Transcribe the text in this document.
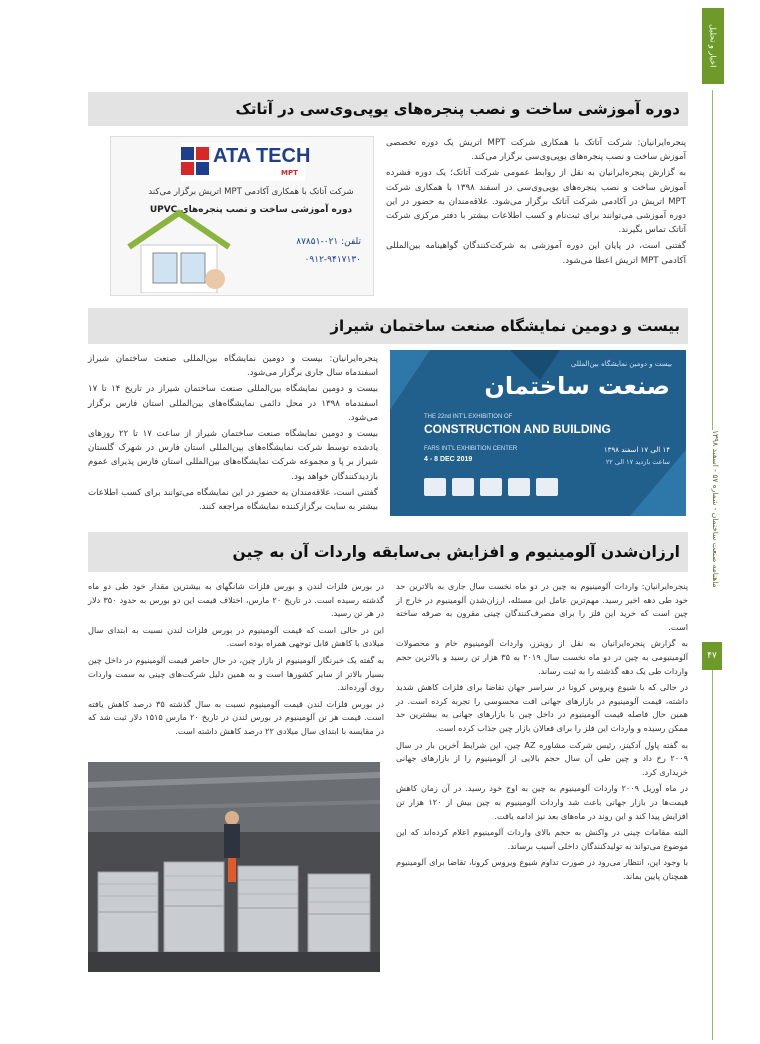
اخبار و تحلیل
ماهنامه صنعت ساختمان - شماره ۵۷ - اسفند ۱۳۹۸
۴۷
دوره آموزشی ساخت و نصب پنجره‌های یوپی‌وی‌سی در آتاتک

پنجره‌ایرانیان: شرکت آتاتک با همکاری شرکت MPT اتریش یک دوره تخصصی آموزش ساخت و نصب پنجره‌های یوپی‌وی‌سی برگزار می‌کند.

به گزارش پنجره‌ایرانیان به نقل از روابط عمومی شرکت آتاتک؛ یک دوره فشرده آموزش ساخت و نصب پنجره‌های یوپی‌وی‌سی در اسفند ۱۳۹۸ با همکاری شرکت MPT اتریش در آکادمی شرکت آتاتک برگزار می‌شود. علاقه‌مندان به حضور در این دوره آموزشی می‌توانند برای ثبت‌نام و کسب اطلاعات بیشتر با دفتر مرکزی شرکت آتاتک تماس بگیرند.

گفتنی است، در پایان این دوره آموزشی به شرکت‌کنندگان گواهینامه بین‌المللی آکادمی MPT اتریش اعطا می‌شود.

ATA TECH
MPT
شرکت آتاتک با همکاری آکادمی MPT اتریش برگزار می‌کند
دوره آموزشی ساخت و نصب پنجره‌های UPVC
تلفن: ۰۲۱-۸۷۸۵۱
۰۹۱۲-۹۴۱۷۱۳۰
بیست و دومین نمایشگاه صنعت ساختمان شیراز
بیست و دومین نمایشگاه بین‌المللی
صنعت ساختمان
THE 22nd INT'L EXHIBITION OF
CONSTRUCTION AND BUILDING
FARS INT'L EXHIBITION CENTER
4 - 8 DEC 2019
۱۴ الی ۱۷ اسفند ۱۳۹۸
ساعت بازدید ۱۷ الی ۲۲

پنجره‌ایرانیان: بیست و دومین نمایشگاه بین‌المللی صنعت ساختمان شیراز اسفندماه سال جاری برگزار می‌شود.

بیست و دومین نمایشگاه بین‌المللی صنعت ساختمان شیراز در تاریخ ۱۴ تا ۱۷ اسفندماه ۱۳۹۸ در محل دائمی نمایشگاه‌های بین‌المللی استان فارس برگزار می‌شود.

بیست و دومین نمایشگاه صنعت ساختمان شیراز از ساعت ۱۷ تا ۲۲ روزهای یادشده توسط شرکت نمایشگاه‌های بین‌المللی استان فارس در شهرک گلستان شیراز بر پا و مجموعه شرکت نمایشگاه‌های بین‌المللی استان فارس پذیرای عموم بازدیدکنندگان خواهد بود.

گفتنی است، علاقه‌مندان به حضور در این نمایشگاه می‌توانند برای کسب اطلاعات بیشتر به سایت برگزارکننده نمایشگاه مراجعه کنند.

ارزان‌شدن آلومینیوم و افزایش بی‌سابقه واردات آن به چین

پنجره‌ایرانیان: واردات آلومینیوم به چین در دو ماه نخست سال جاری به بالاترین حد خود طی دهه اخیر رسید. مهم‌ترین عامل این مسئله، ارزان‌شدن آلومینیوم در خارج از چین است که خرید این فلز را برای مصرف‌کنندگان چینی مقرون به صرفه ساخته است.

به گزارش پنجره‌ایرانیان به نقل از رویترز، واردات آلومینیوم خام و محصولات آلومینیومی به چین در دو ماه نخست سال ۲۰۱۹ به ۳۵ هزار تن رسید و بالاترین حجم واردات طی یک دهه گذشته را به ثبت رساند.

در حالی که با شیوع ویروس کرونا در سراسر جهان تقاضا برای فلزات کاهش شدید داشته، قیمت آلومینیوم در بازارهای جهانی افت محسوسی را تجربه کرده است. در همین حال فاصله قیمت آلومینیوم در داخل چین با بازارهای جهانی به بیشترین حد ممکن رسیده و واردات این فلز را برای فعالان بازار چین جذاب کرده است.

به گفته پاول آدکینز، رئیس شرکت مشاوره AZ چین، این شرایط آخرین بار در سال ۲۰۰۹ رخ داد و چین طی آن سال حجم بالایی از آلومینیوم را از بازارهای جهانی خریداری کرد.

در ماه آوریل ۲۰۰۹ واردات آلومینیوم به چین به اوج خود رسید. در آن زمان کاهش قیمت‌ها در بازار جهانی باعث شد واردات آلومینیوم به چین بیش از ۱۲۰ هزار تن افزایش پیدا کند و این روند در ماه‌های بعد نیز ادامه یافت.

البته مقامات چینی در واکنش به حجم بالای واردات آلومینیوم اعلام کرده‌اند که این موضوع می‌تواند به تولیدکنندگان داخلی آسیب برساند.

با وجود این، انتظار می‌رود در صورت تداوم شیوع ویروس کرونا، تقاضا برای آلومینیوم همچنان پایین بماند.

در بورس فلزات لندن و بورس فلزات شانگهای به بیشترین مقدار خود طی دو ماه گذشته رسیده است. در تاریخ ۲۰ مارس، اختلاف قیمت این دو بورس به حدود ۳۵۰ دلار در هر تن رسید.

این در حالی است که قیمت آلومینیوم در بورس فلزات لندن نسبت به ابتدای سال میلادی با کاهش قابل توجهی همراه بوده است.

به گفته یک خبرنگار آلومینیوم از بازار چین، در حال حاضر قیمت آلومینیوم در داخل چین بسیار بالاتر از سایر کشورها است و به همین دلیل شرکت‌های چینی به سمت واردات روی آورده‌اند.

در بورس فلزات لندن قیمت آلومینیوم نسبت به سال گذشته ۳۵ درصد کاهش یافته است. قیمت هر تن آلومینیوم در بورس لندن در تاریخ ۲۰ مارس ۱۵۱۵ دلار ثبت شد که در مقایسه با ابتدای سال میلادی ۲۲ درصد کاهش داشته است.
